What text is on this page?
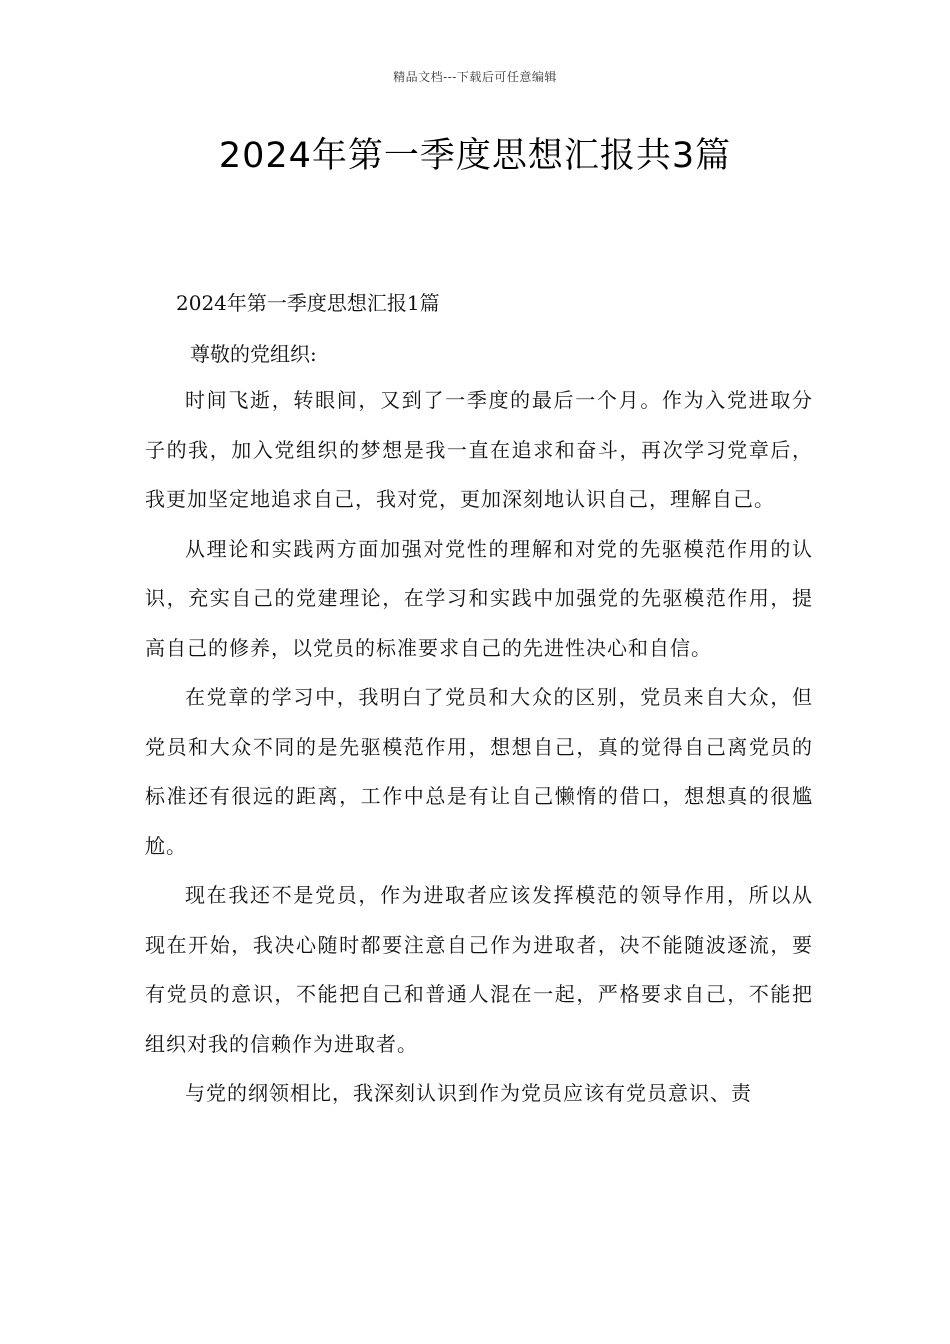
精品文档---下载后可任意编辑
2024年第一季度思想汇报共3篇
2024年第一季度思想汇报1篇
尊敬的党组织:

时间飞逝，转眼间，又到了一季度的最后一个月。作为入党进取分子的我，加入党组织的梦想是我一直在追求和奋斗，再次学习党章后，我更加坚定地追求自己，我对党，更加深刻地认识自己，理解自己。

从理论和实践两方面加强对党性的理解和对党的先驱模范作用的认识，充实自己的党建理论，在学习和实践中加强党的先驱模范作用，提高自己的修养，以党员的标准要求自己的先进性决心和自信。

在党章的学习中，我明白了党员和大众的区别，党员来自大众，但党员和大众不同的是先驱模范作用，想想自己，真的觉得自己离党员的标准还有很远的距离，工作中总是有让自己懒惰的借口，想想真的很尴尬。

现在我还不是党员，作为进取者应该发挥模范的领导作用，所以从现在开始，我决心随时都要注意自己作为进取者，决不能随波逐流，要有党员的意识，不能把自己和普通人混在一起，严格要求自己，不能把组织对我的信赖作为进取者。

与党的纲领相比，我深刻认识到作为党员应该有党员意识、责
